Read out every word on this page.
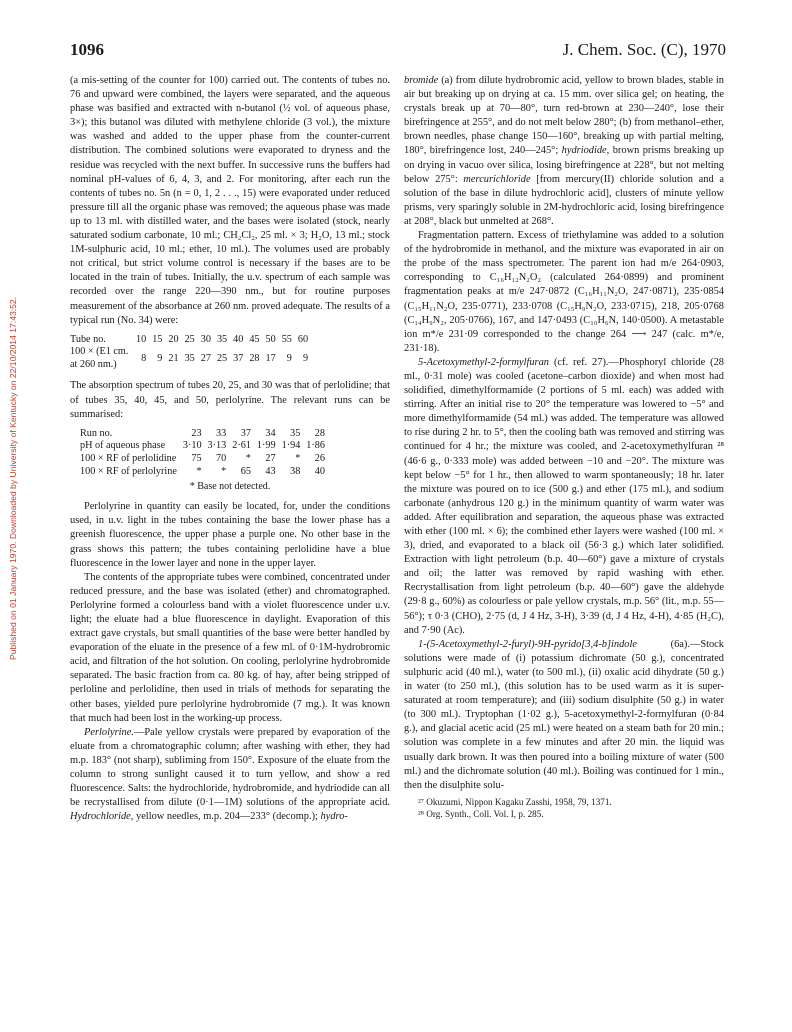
Published on 01 January 1970. Downloaded by University of Kentucky on 22/10/2014 17:43:52.
1096	J. Chem. Soc. (C), 1970

(a mis-setting of the counter for 100) carried out. The contents of tubes no. 76 and upward were combined, the layers were separated, and the aqueous phase was basified and extracted with n-butanol (½ vol. of aqueous phase, 3×); this butanol was diluted with methylene chloride (3 vol.), the mixture was washed and added to the upper phase from the counter-current distribution. The combined solutions were evaporated to dryness and the residue was recycled with the next buffer. In successive runs the buffers had nominal pH-values of 6, 4, 3, and 2. For monitoring, after each run the contents of tubes no. 5n (n = 0, 1, 2 . . ., 15) were evaporated under reduced pressure till all the organic phase was removed; the aqueous phase was made up to 13 ml. with distilled water, and the bases were isolated (stock, nearly saturated sodium carbonate, 10 ml.; CH₂Cl₂, 25 ml. × 3; H₂O, 13 ml.; stock 1M-sulphuric acid, 10 ml.; ether, 10 ml.). The volumes used are probably not critical, but strict volume control is necessary if the bases are to be located in the train of tubes. Initially, the u.v. spectrum of each sample was recorded over the range 220—390 nm., but for routine purposes measurement of the absorbance at 260 nm. proved adequate. The results of a typical run (No. 34) were:

Tube no.	10	15	20	25	30	35	40	45	50	55	60
100 × (E1 cm. at 260 nm.)	8	9	21	35	27	25	37	28	17	9	9

The absorption spectrum of tubes 20, 25, and 30 was that of perlolidine; that of tubes 35, 40, 45, and 50, perlolyrine. The relevant runs can be summarised:

Run no.	23	33	37	34	35	28
pH of aqueous phase	3·10	3·13	2·61	1·99	1·94	1·86
100 × RF of perlolidine	75	70	*	27	*	26
100 × RF of perlolyrine	*	*	65	43	38	40
* Base not detected.

Perlolyrine in quantity can easily be located, for, under the conditions used, in u.v. light in the tubes containing the base the lower phase has a greenish fluorescence, the upper phase a purple one. No other base in the grass shows this pattern; the tubes containing perlolidine have a blue fluorescence in the lower layer and none in the upper layer.

The contents of the appropriate tubes were combined, concentrated under reduced pressure, and the base was isolated (ether) and chromatographed. Perlolyrine formed a colourless band with a violet fluorescence under u.v. light; the eluate had a blue fluorescence in daylight. Evaporation of this extract gave crystals, but small quantities of the base were better handled by evaporation of the eluate in the presence of a few ml. of 0·1M-hydrobromic acid, and filtration of the hot solution. On cooling, perlolyrine hydrobromide separated. The basic fraction from ca. 80 kg. of hay, after being stripped of perloline and perlolidine, then used in trials of methods for separating the other bases, yielded pure perlolyrine hydrobromide (7 mg.). It was known that much had been lost in the working-up process.

Perlolyrine.—Pale yellow crystals were prepared by evaporation of the eluate from a chromatographic column; after washing with ether, they had m.p. 183° (not sharp), subliming from 150°. Exposure of the eluate from the column to strong sunlight caused it to turn yellow, and show a red fluorescence. Salts: the hydrochloride, hydrobromide, and hydriodide can all be recrystallised from dilute (0·1—1M) solutions of the appropriate acid. Hydrochloride, yellow needles, m.p. 204—233° (decomp.); hydro-

bromide (a) from dilute hydrobromic acid, yellow to brown blades, stable in air but breaking up on drying at ca. 15 mm. over silica gel; on heating, the crystals break up at 70—80°, turn red-brown at 230—240°, lose their birefringence at 255°, and do not melt below 280°; (b) from methanol–ether, brown needles, phase change 150—160°, breaking up with partial melting, 180°, birefringence lost, 240—245°; hydriodide, brown prisms breaking up on drying in vacuo over silica, losing birefringence at 228°, but not melting below 275°: mercurichloride [from mercury(II) chloride solution and a solution of the base in dilute hydrochloric acid], clusters of minute yellow prisms, very sparingly soluble in 2M-hydrochloric acid, losing birefringence at 208°, black but unmelted at 268°.

Fragmentation pattern. Excess of triethylamine was added to a solution of the hydrobromide in methanol, and the mixture was evaporated in air on the probe of the mass spectrometer. The parent ion had m/e 264·0903, corresponding to C₁₆H₁₂N₂O₂ (calculated 264·0899) and prominent fragmentation peaks at m/e 247·0872 (C₁₆H₁₁N₂O, 247·0871), 235·0854 (C₁₅H₁₁N₂O, 235·0771), 233·0708 (C₁₅H₉N₂O, 233·0715), 218, 205·0768 (C₁₄H₉N₂, 205·0766), 167, and 147·0493 (C₁₀H₆N, 140·0500). A metastable ion m*/e 231·09 corresponded to the change 264 ⟶ 247 (calc. m*/e, 231·18).

5-Acetoxymethyl-2-formylfuran (cf. ref. 27).—Phosphoryl chloride (28 ml., 0·31 mole) was cooled (acetone–carbon dioxide) and when most had solidified, dimethylformamide (2 portions of 5 ml. each) was added with stirring. After an initial rise to 20° the temperature was lowered to −5° and more dimethylformamide (54 ml.) was added. The temperature was allowed to rise during 2 hr. to 5°, then the cooling bath was removed and stirring was continued for 4 hr.; the mixture was cooled, and 2-acetoxymethylfuran ²⁸ (46·6 g., 0·333 mole) was added between −10 and −20°. The mixture was kept below −5° for 1 hr., then allowed to warm spontaneously; 18 hr. later the mixture was poured on to ice (500 g.) and ether (175 ml.), and sodium carbonate (anhydrous 120 g.) in the minimum quantity of warm water was added. After equilibration and separation, the aqueous phase was extracted with ether (100 ml. × 6); the combined ether layers were washed (100 ml. × 3), dried, and evaporated to a black oil (56·3 g.) which later solidified. Extraction with light petroleum (b.p. 40—60°) gave a mixture of crystals and oil; the latter was removed by rapid washing with ether. Recrystallisation from light petroleum (b.p. 40—60°) gave the aldehyde (29·8 g., 60%) as colourless or pale yellow crystals, m.p. 56° (lit., m.p. 55—56°); τ 0·3 (CHO), 2·75 (d, J 4 Hz, 3-H), 3·39 (d, J 4 Hz, 4-H), 4·85 (H₂C), and 7·90 (Ac).

1-(5-Acetoxymethyl-2-furyl)-9H-pyrido[3,4-b]indole	(6a).—Stock solutions were made of (i) potassium dichromate (50 g.), concentrated sulphuric acid (40 ml.), water (to 500 ml.), (ii) oxalic acid dihydrate (50 g.) in water (to 250 ml.), (this solution has to be used warm as it is super-saturated at room temperature); and (iii) sodium disulphite (50 g.) in water (to 300 ml.). Tryptophan (1·02 g.), 5-acetoxymethyl-2-formylfuran (0·84 g.), and glacial acetic acid (25 ml.) were heated on a steam bath for 20 min.; solution was complete in a few minutes and after 20 min. the liquid was usually dark brown. It was then poured into a boiling mixture of water (500 ml.) and the dichromate solution (40 ml.). Boiling was continued for 1 min., then the disulphite solu-

²⁷ Okuzumi, Nippon Kagaku Zasshi, 1958, 79, 1371.

²⁸ Org. Synth., Coll. Vol. I, p. 285.
